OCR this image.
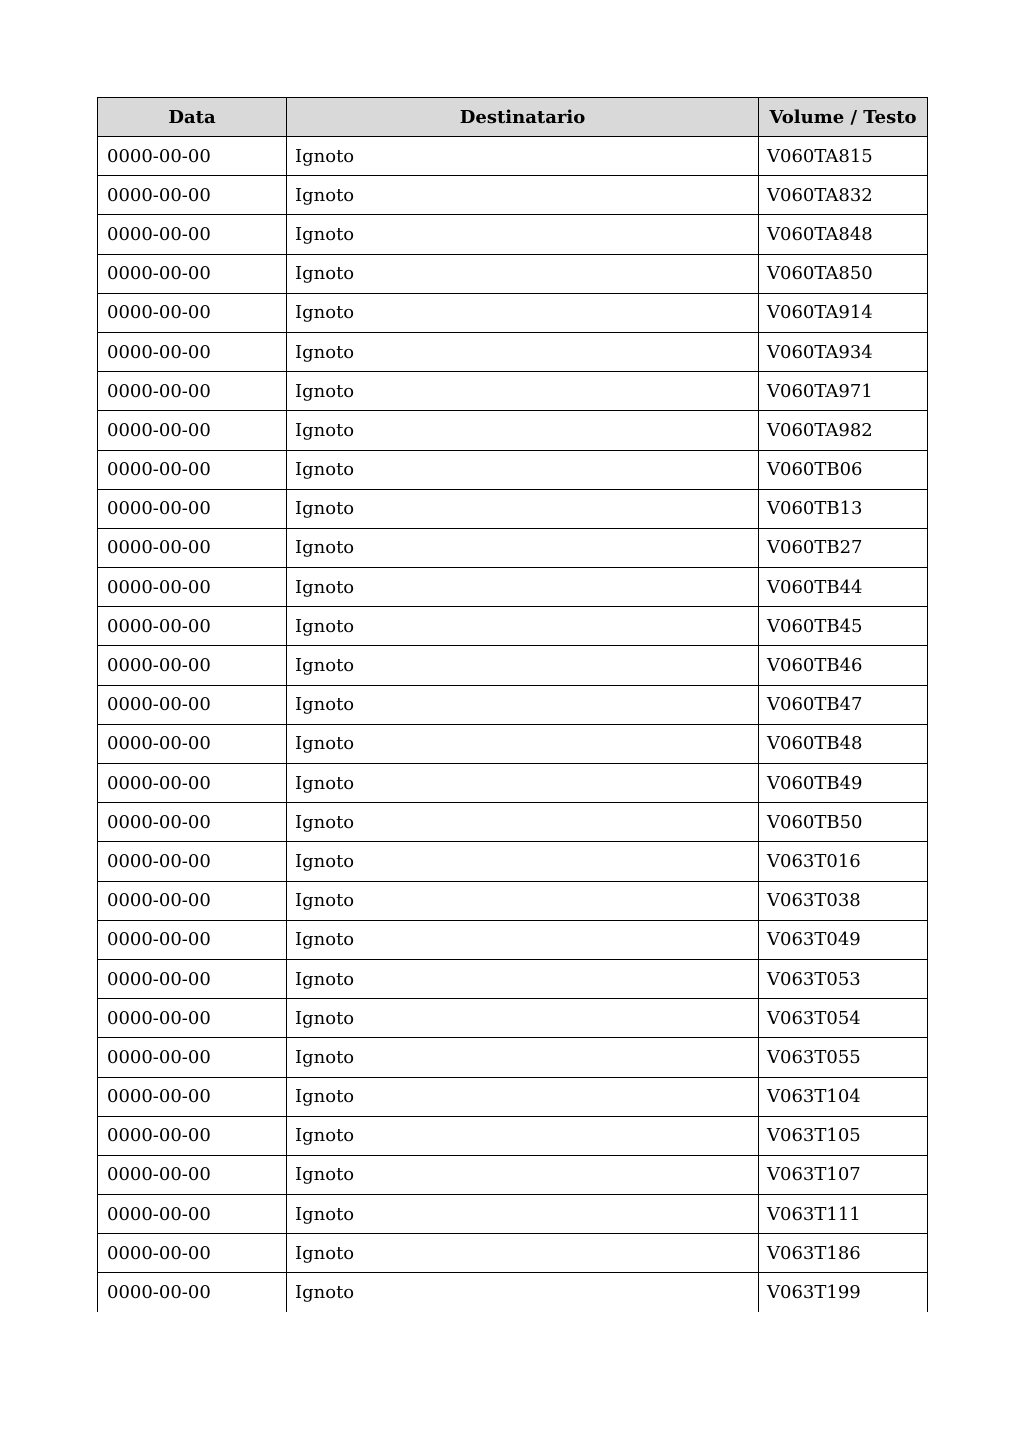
Data	Destinatario	Volume / Testo
0000-00-00	Ignoto	V060TA815
0000-00-00	Ignoto	V060TA832
0000-00-00	Ignoto	V060TA848
0000-00-00	Ignoto	V060TA850
0000-00-00	Ignoto	V060TA914
0000-00-00	Ignoto	V060TA934
0000-00-00	Ignoto	V060TA971
0000-00-00	Ignoto	V060TA982
0000-00-00	Ignoto	V060TB06
0000-00-00	Ignoto	V060TB13
0000-00-00	Ignoto	V060TB27
0000-00-00	Ignoto	V060TB44
0000-00-00	Ignoto	V060TB45
0000-00-00	Ignoto	V060TB46
0000-00-00	Ignoto	V060TB47
0000-00-00	Ignoto	V060TB48
0000-00-00	Ignoto	V060TB49
0000-00-00	Ignoto	V060TB50
0000-00-00	Ignoto	V063T016
0000-00-00	Ignoto	V063T038
0000-00-00	Ignoto	V063T049
0000-00-00	Ignoto	V063T053
0000-00-00	Ignoto	V063T054
0000-00-00	Ignoto	V063T055
0000-00-00	Ignoto	V063T104
0000-00-00	Ignoto	V063T105
0000-00-00	Ignoto	V063T107
0000-00-00	Ignoto	V063T111
0000-00-00	Ignoto	V063T186
0000-00-00	Ignoto	V063T199
